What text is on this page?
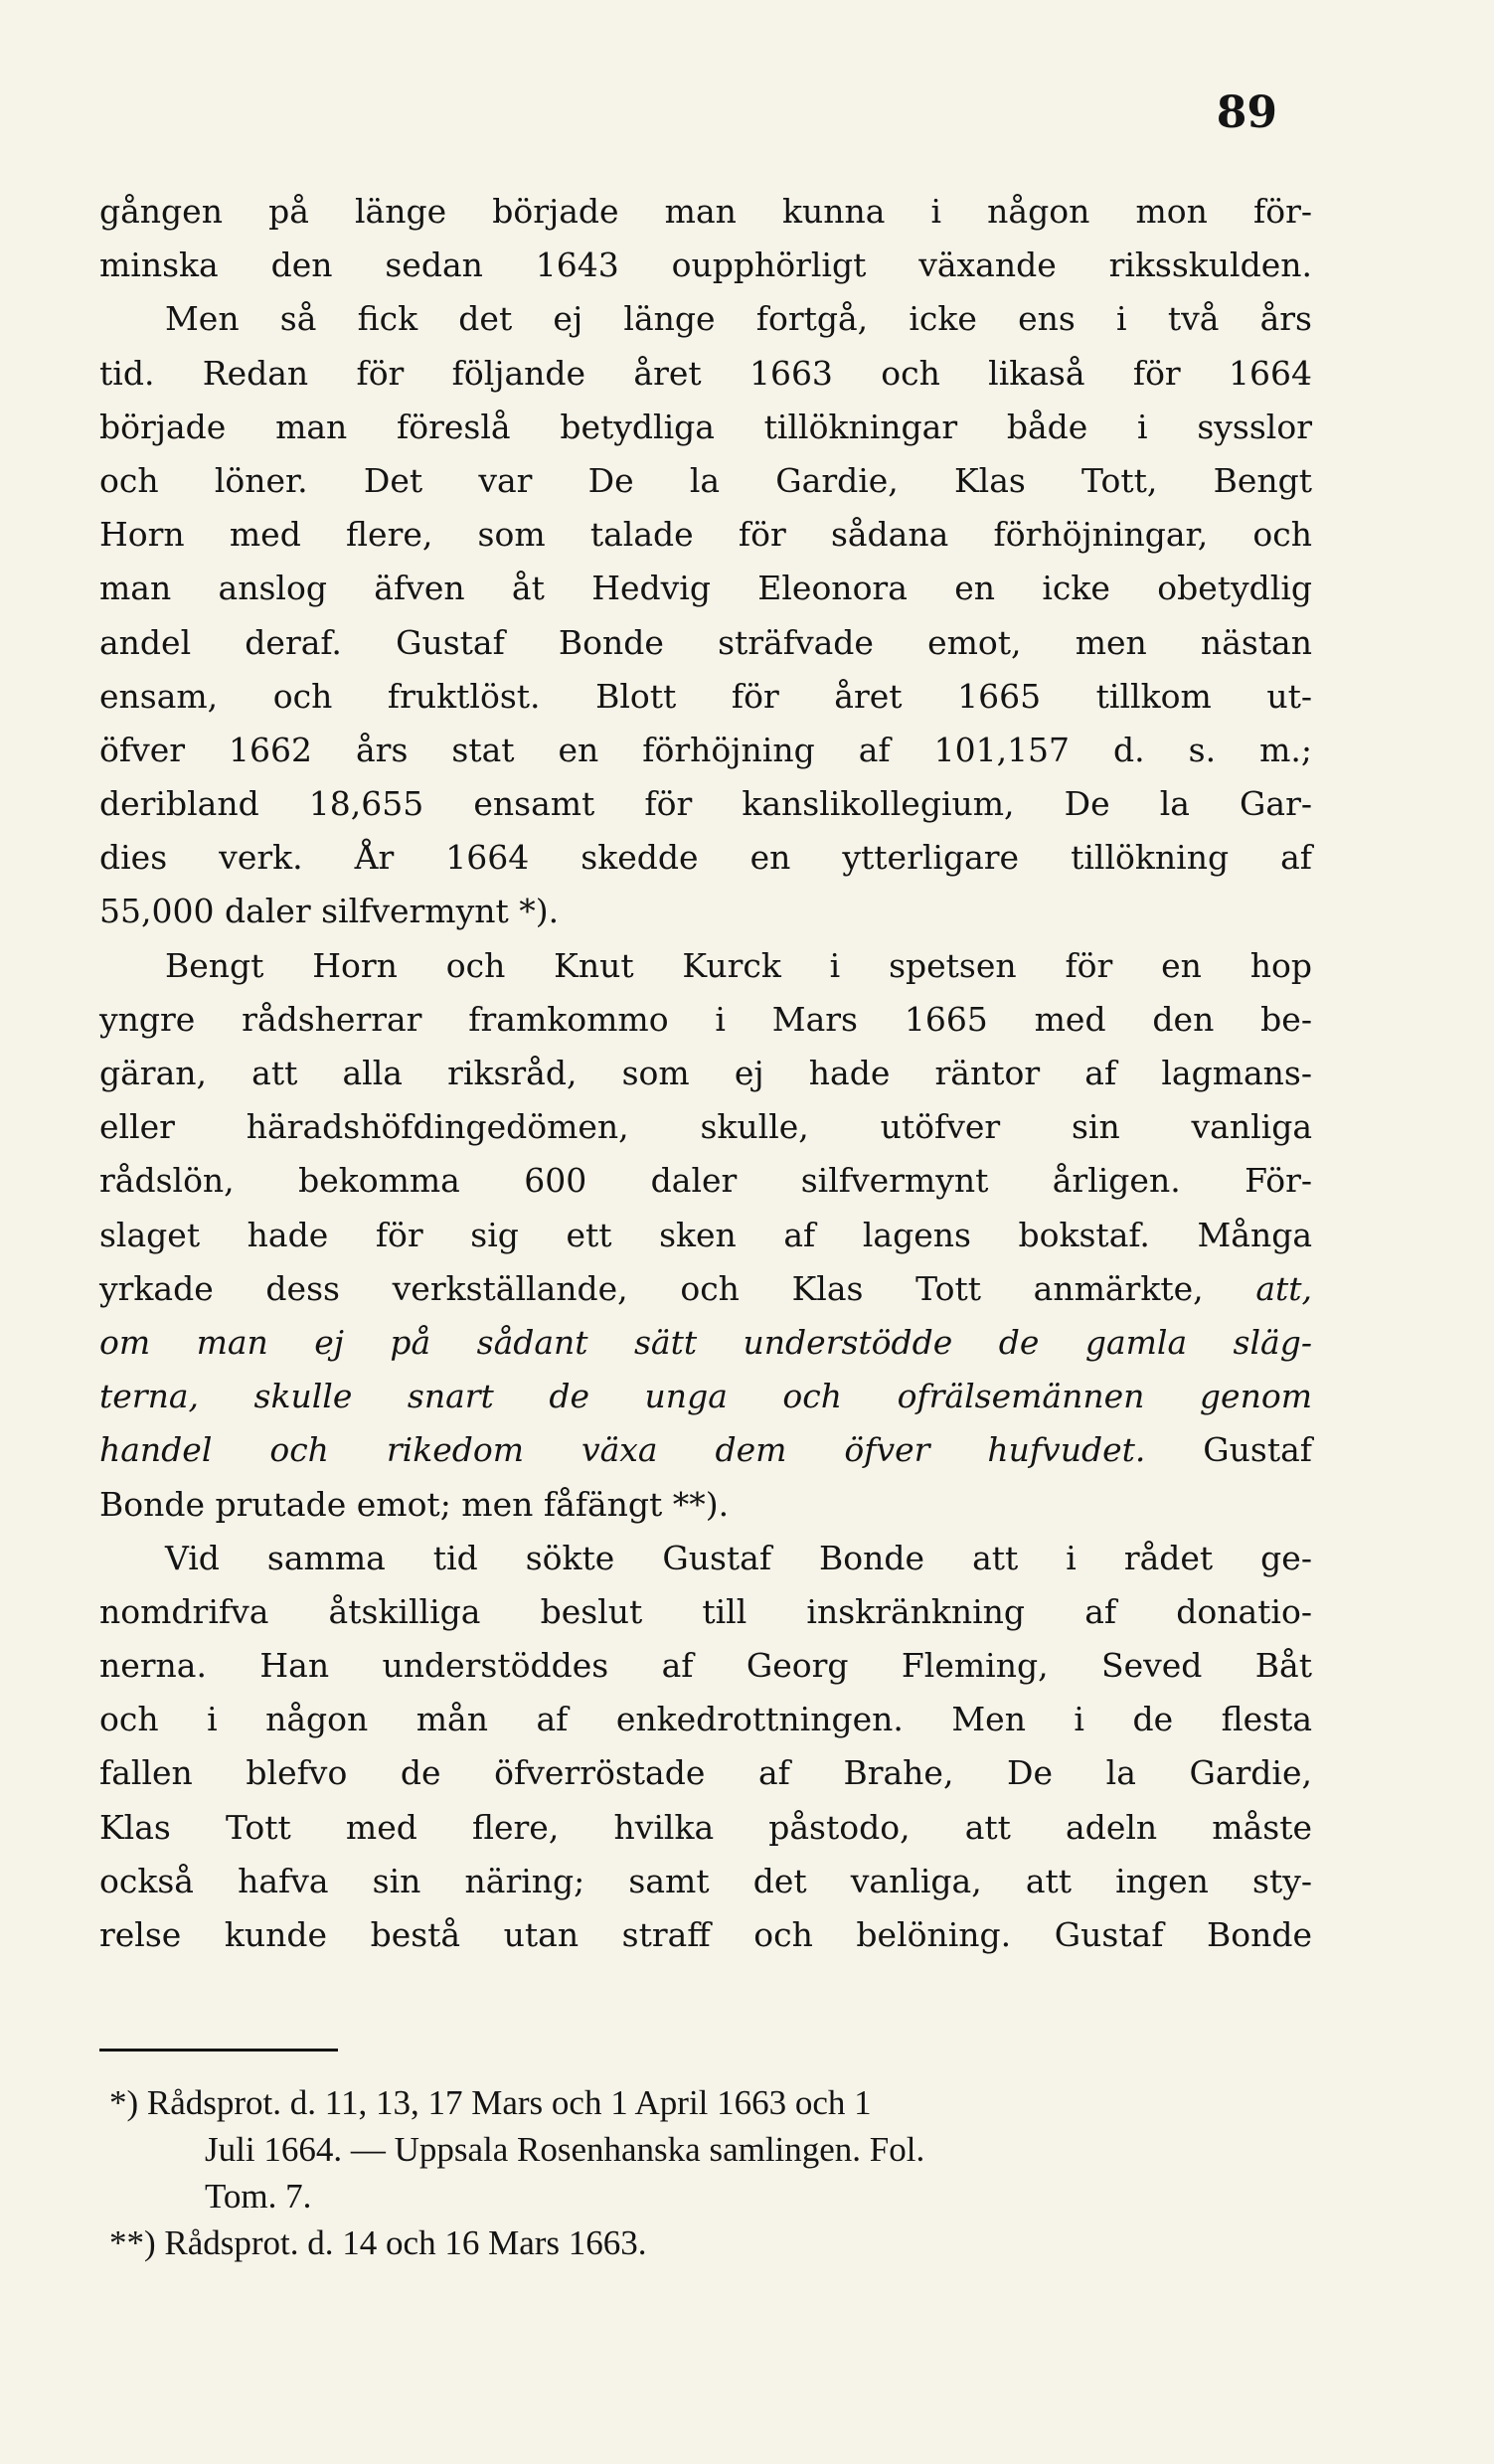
89
gången på länge började man kunna i någon mon för-
minska den sedan 1643 oupphörligt växande riksskulden.
Men så fick det ej länge fortgå, icke ens i två års
tid. Redan för följande året 1663 och likaså för 1664
började man föreslå betydliga tillökningar både i sysslor
och löner. Det var De la Gardie, Klas Tott, Bengt
Horn med flere, som talade för sådana förhöjningar, och
man anslog äfven åt Hedvig Eleonora en icke obetydlig
andel deraf. Gustaf Bonde sträfvade emot, men nästan
ensam, och fruktlöst. Blott för året 1665 tillkom ut-
öfver 1662 års stat en förhöjning af 101,157 d. s. m.;
deribland 18,655 ensamt för kanslikollegium, De la Gar-
dies verk. År 1664 skedde en ytterligare tillökning af
55,000 daler silfvermynt *).
Bengt Horn och Knut Kurck i spetsen för en hop
yngre rådsherrar framkommo i Mars 1665 med den be-
gäran, att alla riksråd, som ej hade räntor af lagmans-
eller häradshöfdingedömen, skulle, utöfver sin vanliga
rådslön, bekomma 600 daler silfvermynt årligen. För-
slaget hade för sig ett sken af lagens bokstaf. Många
yrkade dess verkställande, och Klas Tott anmärkte, att,
om man ej på sådant sätt understödde de gamla släg-
terna, skulle snart de unga och ofrälsemännen genom
handel och rikedom växa dem öfver hufvudet. Gustaf
Bonde prutade emot; men fåfängt **).
Vid samma tid sökte Gustaf Bonde att i rådet ge-
nomdrifva åtskilliga beslut till inskränkning af donatio-
nerna. Han understöddes af Georg Fleming, Seved Båt
och i någon mån af enkedrottningen. Men i de flesta
fallen blefvo de öfverröstade af Brahe, De la Gardie,
Klas Tott med flere, hvilka påstodo, att adeln måste
också hafva sin näring; samt det vanliga, att ingen sty-
relse kunde bestå utan straff och belöning. Gustaf Bonde
*) Rådsprot. d. 11, 13, 17 Mars och 1 April 1663 och 1
Juli 1664. — Uppsala Rosenhanska samlingen. Fol.
Tom. 7.
**) Rådsprot. d. 14 och 16 Mars 1663.
